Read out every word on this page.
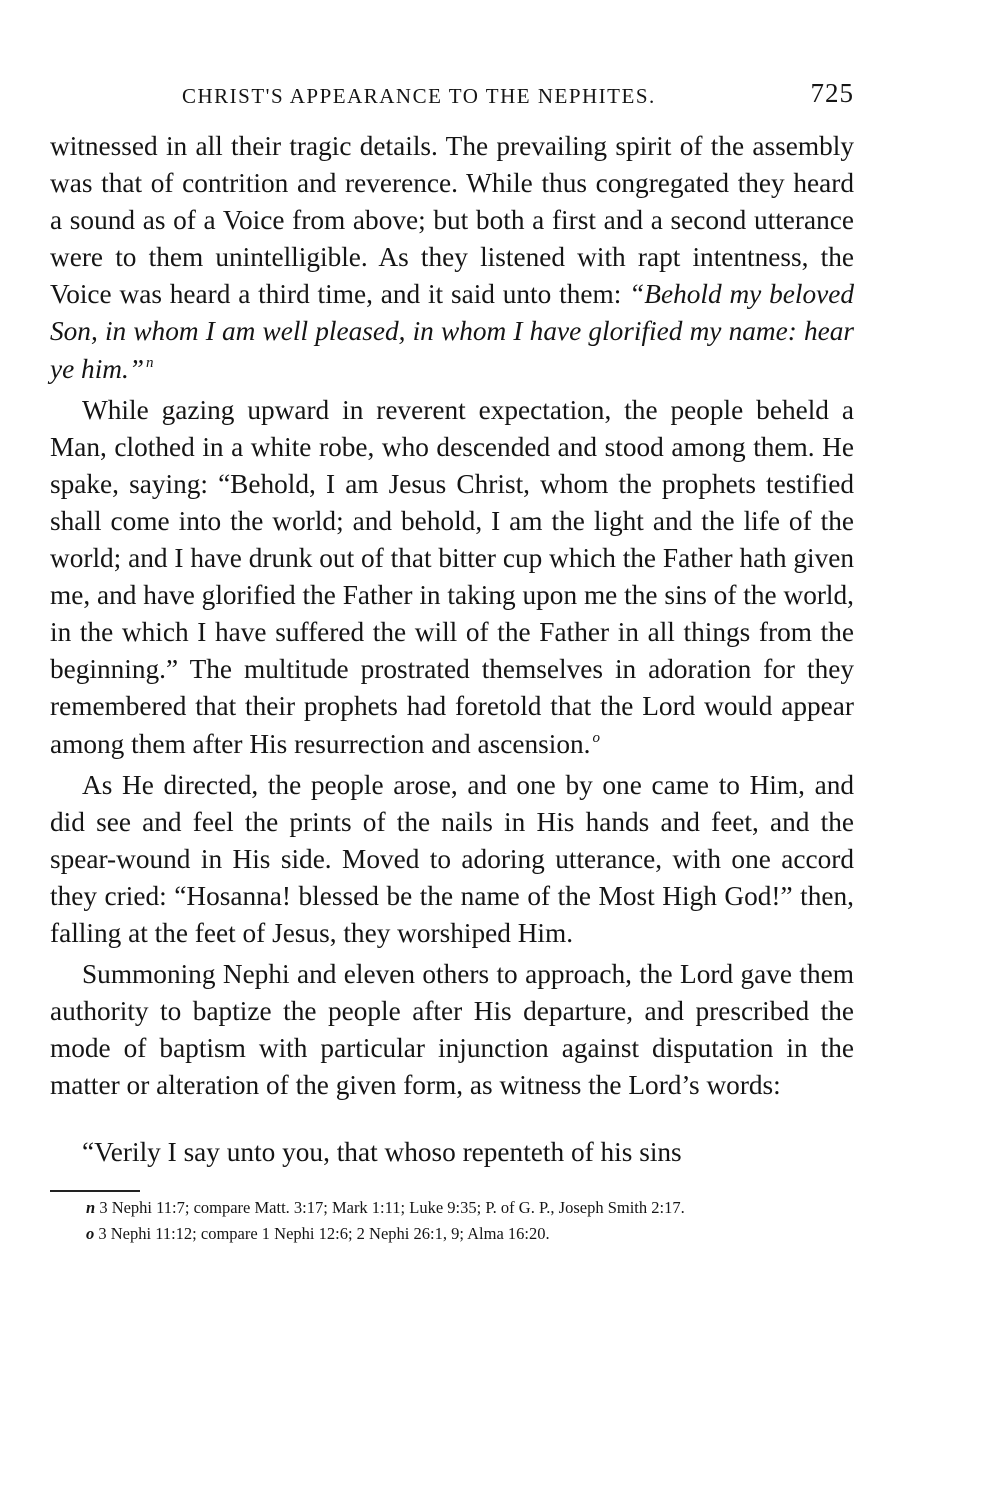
CHRIST'S APPEARANCE TO THE NEPHITES.	725

witnessed in all their tragic details. The prevailing spirit of the assembly was that of contrition and reverence. While thus congregated they heard a sound as of a Voice from above; but both a first and a second utterance were to them unintelligible. As they listened with rapt intentness, the Voice was heard a third time, and it said unto them: “Behold my beloved Son, in whom I am well pleased, in whom I have glorified my name: hear ye him.” $^n$

While gazing upward in reverent expectation, the people beheld a Man, clothed in a white robe, who descended and stood among them. He spake, saying: “Behold, I am Jesus Christ, whom the prophets testified shall come into the world; and behold, I am the light and the life of the world; and I have drunk out of that bitter cup which the Father hath given me, and have glorified the Father in taking upon me the sins of the world, in the which I have suffered the will of the Father in all things from the beginning.” The multitude prostrated themselves in adoration for they remembered that their prophets had foretold that the Lord would appear among them after His resurrection and ascension. $^o$

As He directed, the people arose, and one by one came to Him, and did see and feel the prints of the nails in His hands and feet, and the spear-wound in His side. Moved to adoring utterance, with one accord they cried: “Hosanna! blessed be the name of the Most High God!” then, falling at the feet of Jesus, they worshiped Him.

Summoning Nephi and eleven others to approach, the Lord gave them authority to baptize the people after His departure, and prescribed the mode of baptism with particular injunction against disputation in the matter or alteration of the given form, as witness the Lord’s words:

“Verily I say unto you, that whoso repenteth of his sins

n 3 Nephi 11:7; compare Matt. 3:17; Mark 1:11; Luke 9:35; P. of G. P., Joseph Smith 2:17.

o 3 Nephi 11:12; compare 1 Nephi 12:6; 2 Nephi 26:1, 9; Alma 16:20.
